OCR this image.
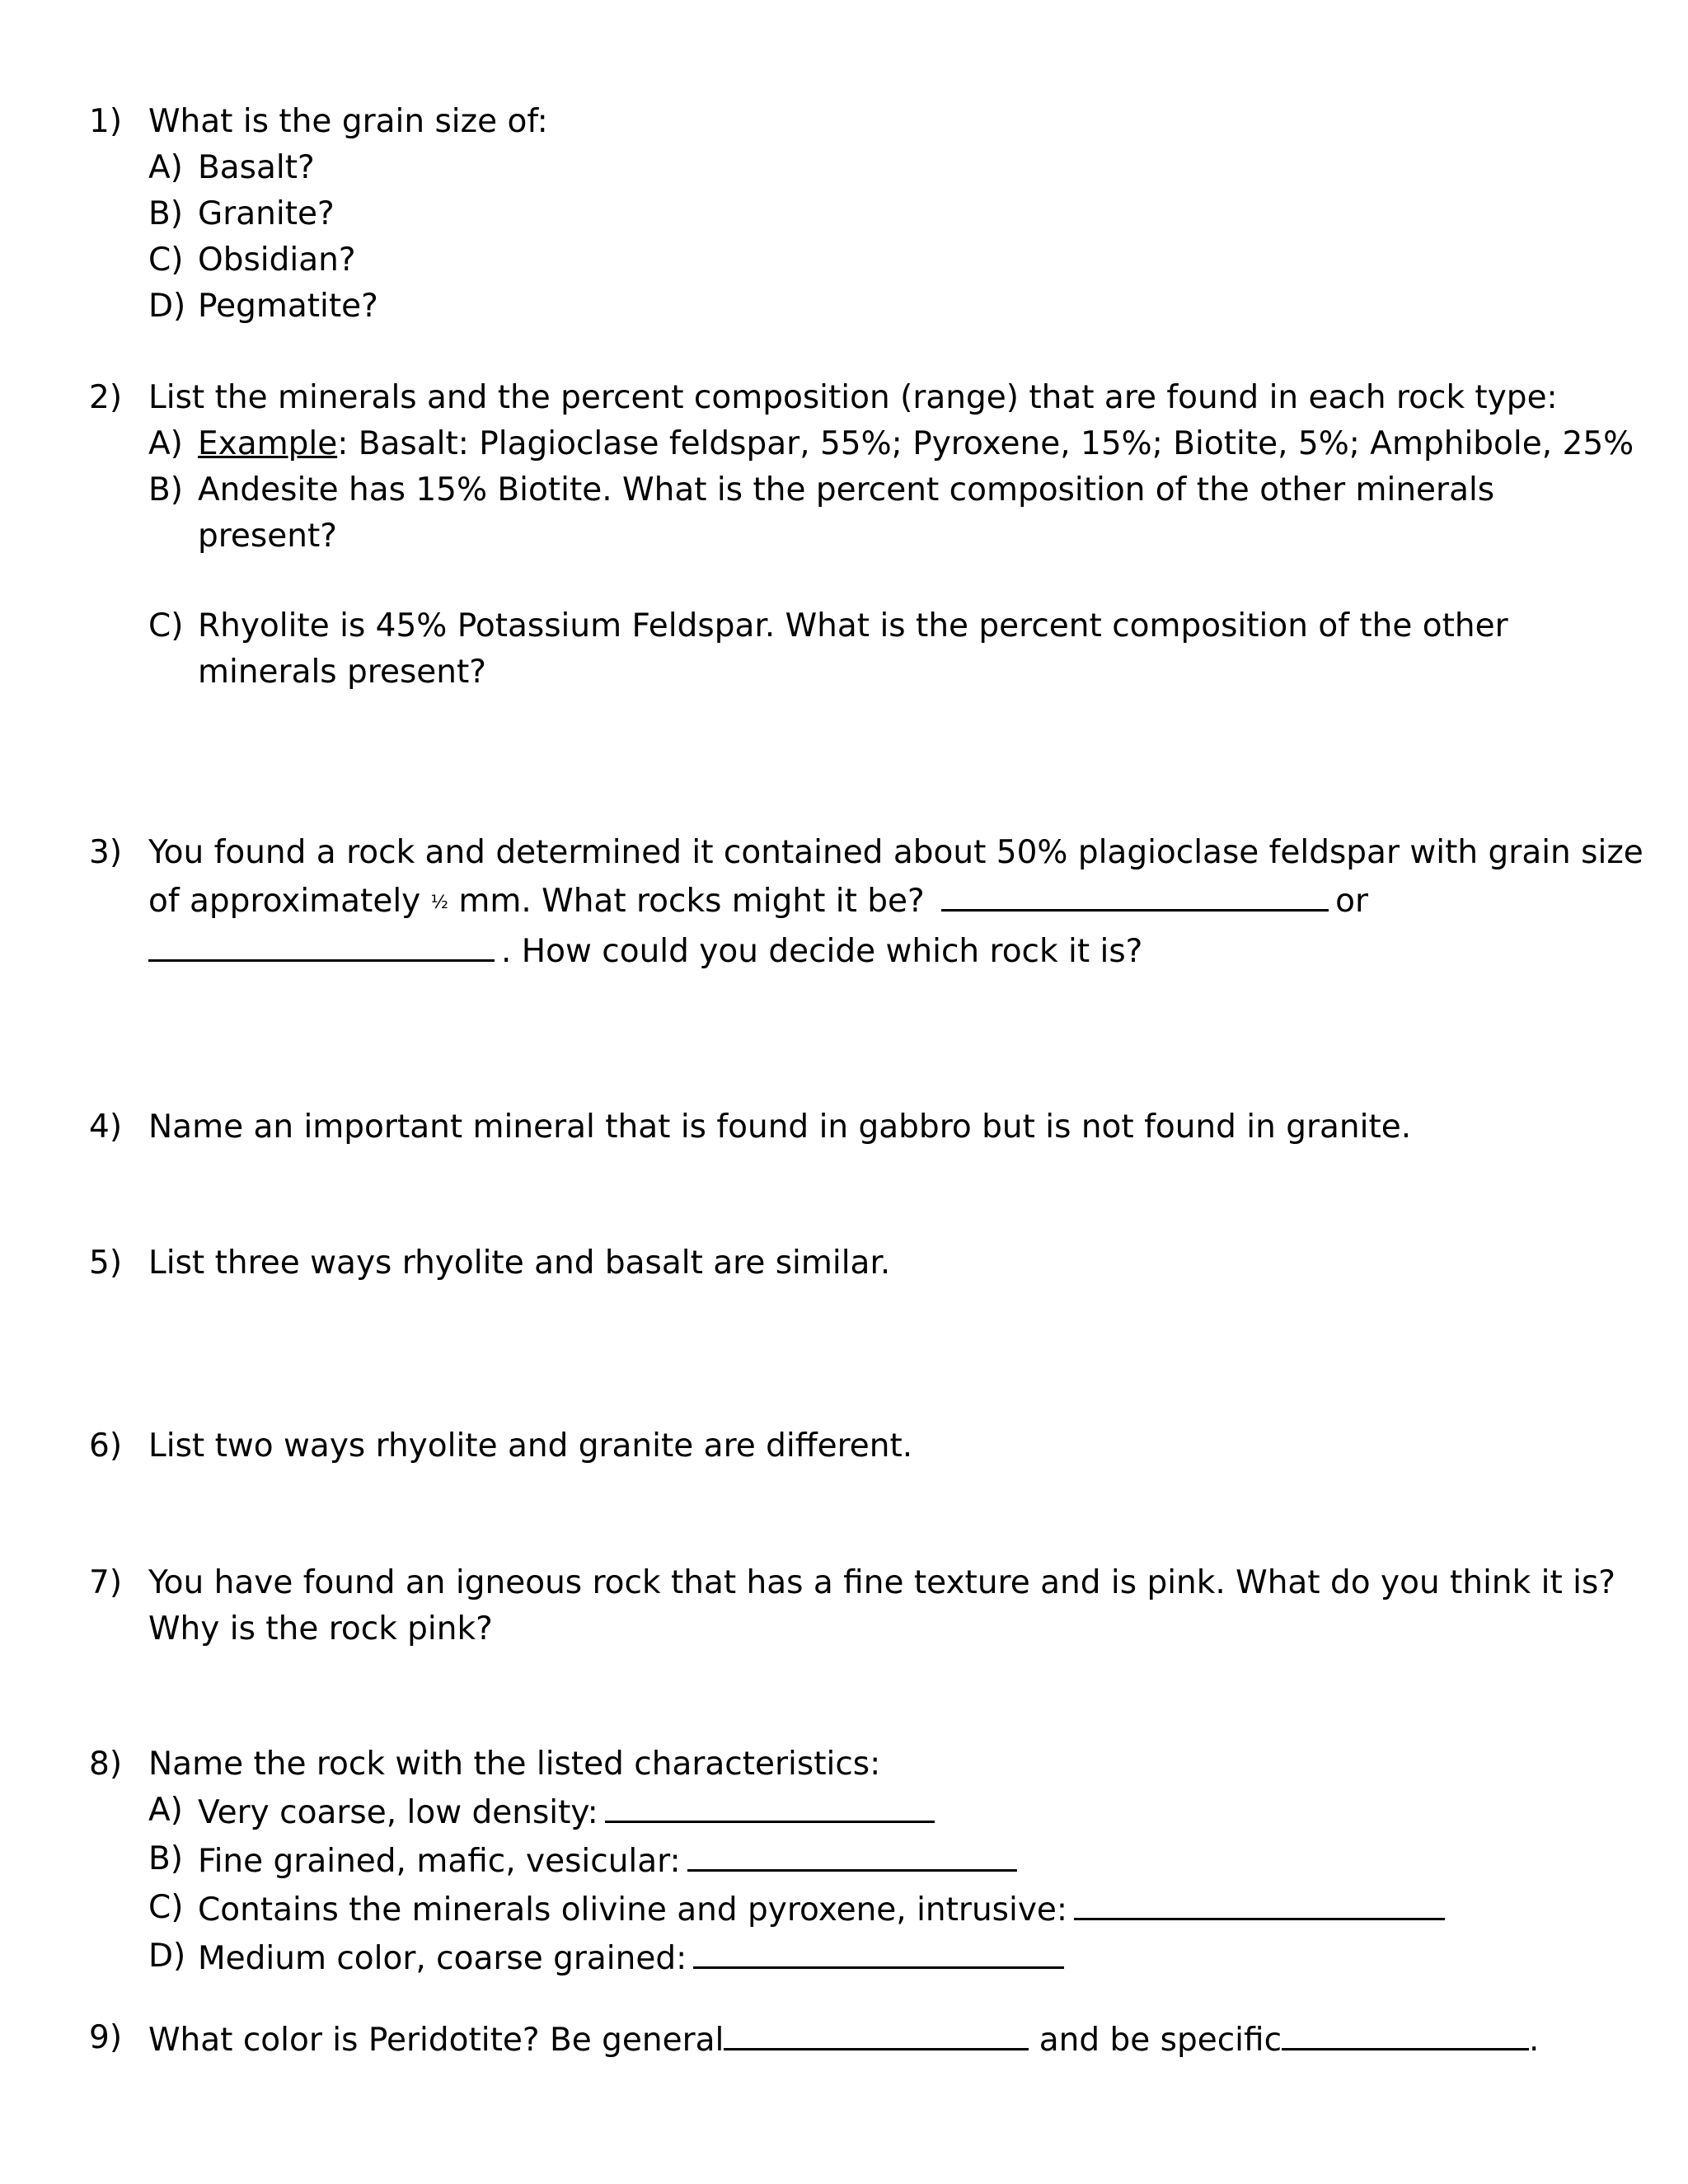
1) What is the grain size of:
A) Basalt?
B) Granite?
C) Obsidian?
D) Pegmatite?
2) List the minerals and the percent composition (range) that are found in each rock type:
A) Example: Basalt: Plagioclase feldspar, 55%; Pyroxene, 15%; Biotite, 5%; Amphibole, 25%
B) Andesite has 15% Biotite. What is the percent composition of the other minerals
present?
C) Rhyolite is 45% Potassium Feldspar. What is the percent composition of the other
minerals present?
3) You found a rock and determined it contained about 50% plagioclase feldspar with grain size
of approximately ½ mm. What rocks might it be?	or
. How could you decide which rock it is?
4) Name an important mineral that is found in gabbro but is not found in granite.
5) List three ways rhyolite and basalt are similar.
6) List two ways rhyolite and granite are different.
7) You have found an igneous rock that has a fine texture and is pink. What do you think it is?
Why is the rock pink?
8) Name the rock with the listed characteristics:
A) Very coarse, low density:
B) Fine grained, mafic, vesicular:
C) Contains the minerals olivine and pyroxene, intrusive:
D) Medium color, coarse grained:
9) What color is Peridotite? Be general	and be specific	.
